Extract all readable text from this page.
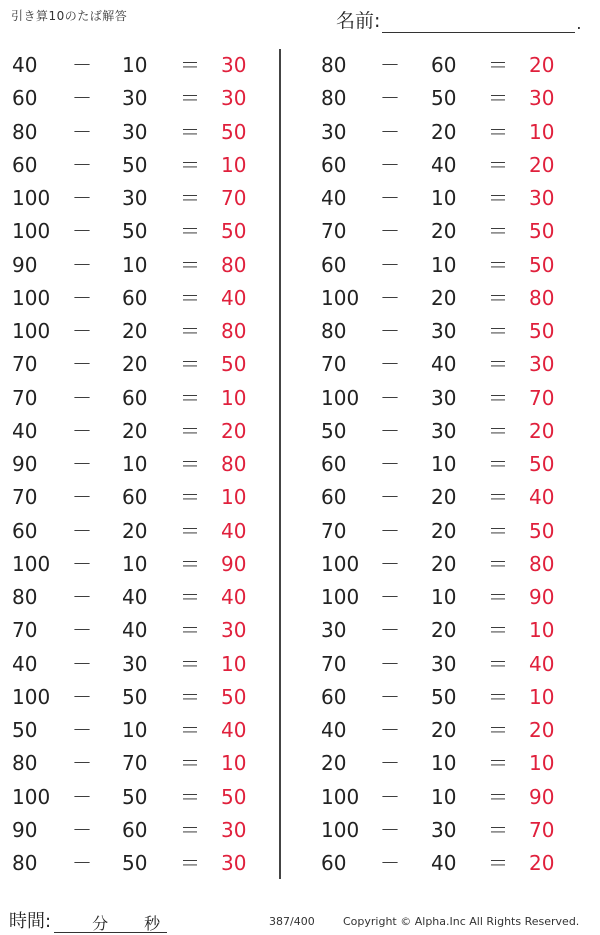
引き算10のたば解答	名前:	.
40 － 10 ＝ 30
60 － 30 ＝ 30
80 － 30 ＝ 50
60 － 50 ＝ 10
100 － 30 ＝ 70
100 － 50 ＝ 50
90 － 10 ＝ 80
100 － 60 ＝ 40
100 － 20 ＝ 80
70 － 20 ＝ 50
70 － 60 ＝ 10
40 － 20 ＝ 20
90 － 10 ＝ 80
70 － 60 ＝ 10
60 － 20 ＝ 40
100 － 10 ＝ 90
80 － 40 ＝ 40
70 － 40 ＝ 30
40 － 30 ＝ 10
100 － 50 ＝ 50
50 － 10 ＝ 40
80 － 70 ＝ 10
100 － 50 ＝ 50
90 － 60 ＝ 30
80 － 50 ＝ 30
80 － 60 ＝ 20
80 － 50 ＝ 30
30 － 20 ＝ 10
60 － 40 ＝ 20
40 － 10 ＝ 30
70 － 20 ＝ 50
60 － 10 ＝ 50
100 － 20 ＝ 80
80 － 30 ＝ 50
70 － 40 ＝ 30
100 － 30 ＝ 70
50 － 30 ＝ 20
60 － 10 ＝ 50
60 － 20 ＝ 40
70 － 20 ＝ 50
100 － 20 ＝ 80
100 － 10 ＝ 90
30 － 20 ＝ 10
70 － 30 ＝ 40
60 － 50 ＝ 10
40 － 20 ＝ 20
20 － 10 ＝ 10
100 － 10 ＝ 90
100 － 30 ＝ 70
60 － 40 ＝ 20
時間:	分 秒	387/400	Copyright © Alpha.Inc All Rights Reserved.
